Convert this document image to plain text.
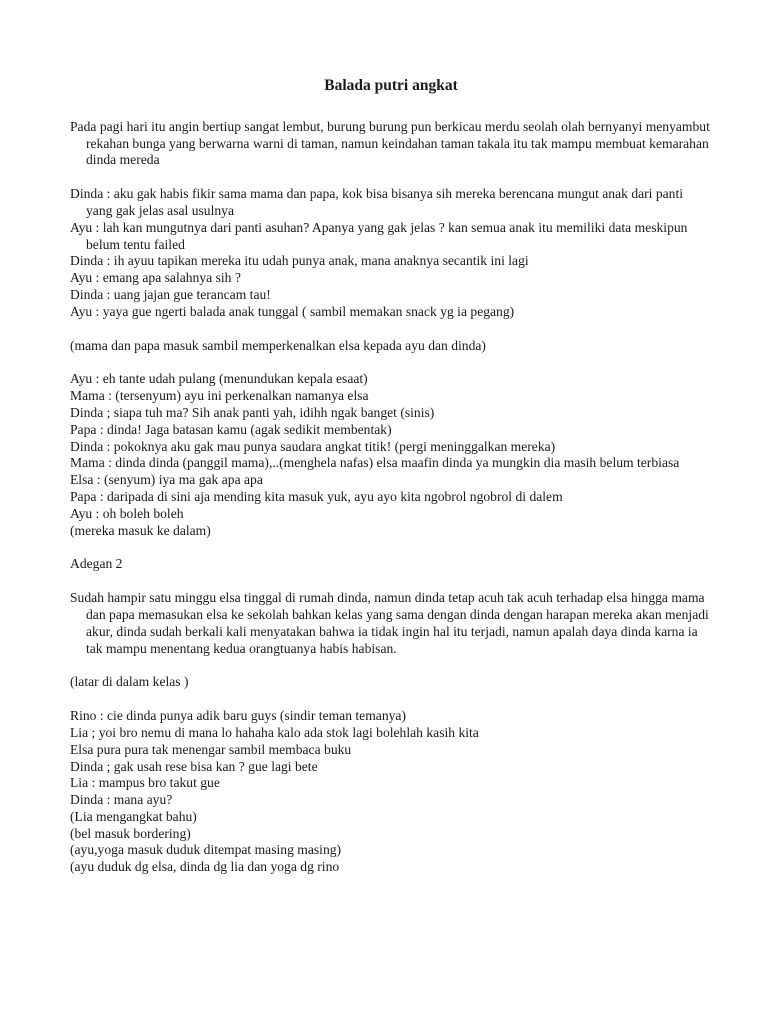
Balada putri angkat
Pada pagi hari itu angin bertiup sangat lembut, burung burung pun berkicau merdu seolah olah bernyanyi menyambut rekahan bunga yang berwarna warni di taman, namun keindahan taman takala itu tak mampu membuat kemarahan dinda mereda
Dinda : aku gak habis fikir sama mama dan papa, kok bisa bisanya sih mereka berencana mungut anak dari panti yang gak jelas asal usulnya
Ayu : lah kan mungutnya dari panti asuhan? Apanya yang gak jelas ? kan semua anak itu memiliki data meskipun belum tentu failed
Dinda : ih ayuu tapikan mereka itu udah punya anak, mana anaknya secantik ini lagi
Ayu : emang apa salahnya sih ?
Dinda : uang jajan gue terancam tau!
Ayu : yaya gue ngerti balada anak tunggal ( sambil memakan snack yg ia pegang)
(mama dan papa masuk sambil memperkenalkan elsa kepada ayu dan dinda)
Ayu : eh tante udah pulang (menundukan kepala esaat)
Mama : (tersenyum) ayu ini perkenalkan namanya elsa
Dinda ; siapa tuh ma? Sih anak panti yah, idihh ngak banget (sinis)
Papa : dinda! Jaga batasan kamu (agak sedikit membentak)
Dinda : pokoknya aku gak mau punya saudara angkat titik! (pergi meninggalkan mereka)
Mama : dinda dinda (panggil mama),..(menghela nafas) elsa maafin dinda ya mungkin dia masih belum terbiasa
Elsa : (senyum) iya ma gak apa apa
Papa : daripada di sini aja mending kita masuk yuk, ayu ayo kita ngobrol ngobrol di dalem
Ayu : oh boleh boleh
(mereka masuk ke dalam)
Adegan 2
Sudah hampir satu minggu elsa tinggal di rumah dinda, namun dinda tetap acuh tak acuh terhadap elsa hingga mama dan papa memasukan elsa ke sekolah bahkan kelas yang sama dengan dinda dengan harapan mereka akan menjadi akur, dinda sudah berkali kali menyatakan bahwa ia tidak ingin hal itu terjadi, namun apalah daya dinda karna ia tak mampu menentang kedua orangtuanya habis habisan.
(latar di dalam kelas )
Rino : cie dinda punya adik baru guys (sindir teman temanya)
Lia ; yoi bro nemu di mana lo hahaha kalo ada stok lagi bolehlah kasih kita
Elsa pura pura tak menengar sambil membaca buku
Dinda ; gak usah rese bisa kan ? gue lagi bete
Lia : mampus bro takut gue
Dinda : mana ayu?
(Lia mengangkat bahu)
(bel masuk bordering)
(ayu,yoga masuk duduk ditempat masing masing)
(ayu duduk dg elsa, dinda dg lia dan yoga dg rino
